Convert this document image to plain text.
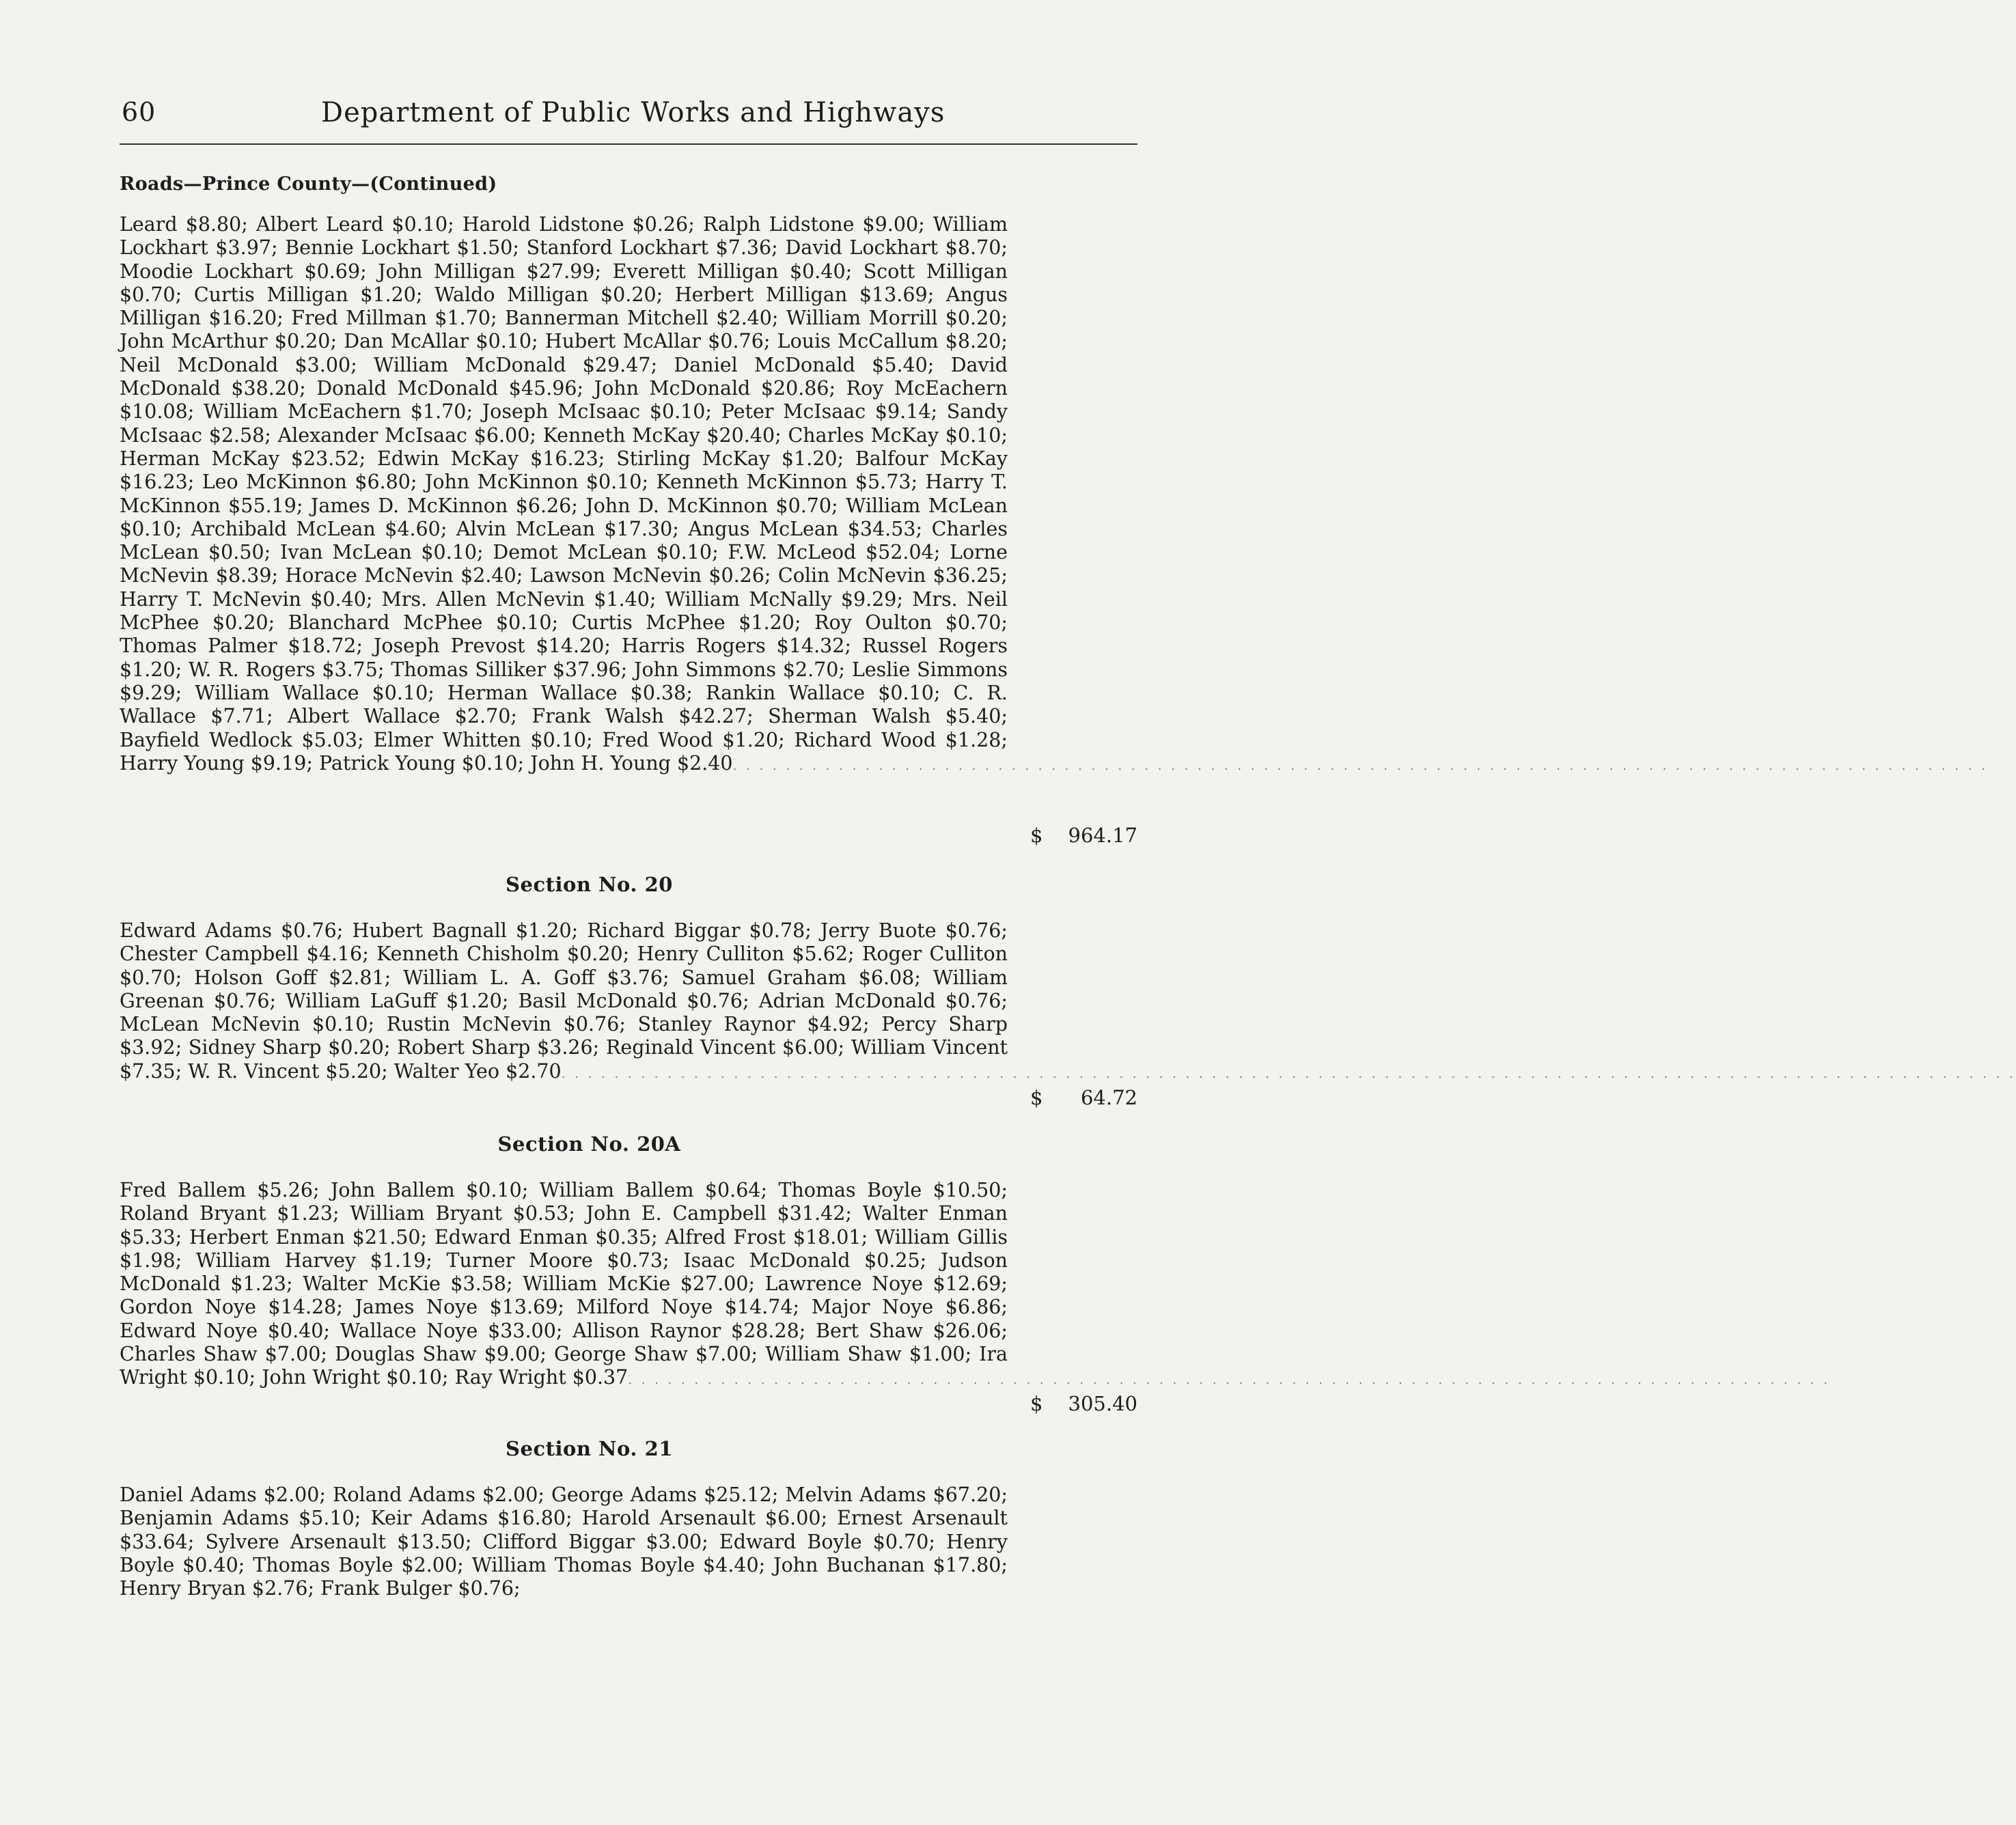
60	Department of Public Works and Highways
Roads—Prince County—(Continued)
Leard $8.80; Albert Leard $0.10; Harold Lidstone $0.26; Ralph Lidstone $9.00; William Lockhart $3.97; Bennie Lockhart $1.50; Stanford Lockhart $7.36; David Lockhart $8.70; Moodie Lockhart $0.69; John Milligan $27.99; Everett Milligan $0.40; Scott Milligan $0.70; Curtis Milligan $1.20; Waldo Milligan $0.20; Herbert Milligan $13.69; Angus Milligan $16.20; Fred Millman $1.70; Bannerman Mitchell $2.40; William Morrill $0.20; John McArthur $0.20; Dan McAllar $0.10; Hubert McAllar $0.76; Louis McCallum $8.20; Neil McDonald $3.00; William McDonald $29.47; Daniel McDonald $5.40; David McDonald $38.20; Donald McDonald $45.96; John McDonald $20.86; Roy McEachern $10.08; William McEachern $1.70; Joseph McIsaac $0.10; Peter McIsaac $9.14; Sandy McIsaac $2.58; Alexander McIsaac $6.00; Kenneth McKay $20.40; Charles McKay $0.10; Herman McKay $23.52; Edwin McKay $16.23; Stirling McKay $1.20; Balfour McKay $16.23; Leo McKinnon $6.80; John McKinnon $0.10; Kenneth McKinnon $5.73; Harry T. McKinnon $55.19; James D. McKinnon $6.26; John D. McKinnon $0.70; William McLean $0.10; Archibald McLean $4.60; Alvin McLean $17.30; Angus McLean $34.53; Charles McLean $0.50; Ivan McLean $0.10; Demot McLean $0.10; F.W. McLeod $52.04; Lorne McNevin $8.39; Horace McNevin $2.40; Lawson McNevin $0.26; Colin McNevin $36.25; Harry T. McNevin $0.40; Mrs. Allen McNevin $1.40; William McNally $9.29; Mrs. Neil McPhee $0.20; Blanchard McPhee $0.10; Curtis McPhee $1.20; Roy Oulton $0.70; Thomas Palmer $18.72; Joseph Prevost $14.20; Harris Rogers $14.32; Russel Rogers $1.20; W. R. Rogers $3.75; Thomas Silliker $37.96; John Simmons $2.70; Leslie Simmons $9.29; William Wallace $0.10; Herman Wallace $0.38; Rankin Wallace $0.10; C. R. Wallace $7.71; Albert Wallace $2.70; Frank Walsh $42.27; Sherman Walsh $5.40; Bayfield Wedlock $5.03; Elmer Whitten $0.10; Fred Wood $1.20; Richard Wood $1.28; Harry Young $9.19; Patrick Young $0.10; John H. Young $2.40. . . . . . . . . . . . . . . . . . . . . . . . . . . . . . . . . . . . . . . . . . . . . . . . . . . . . . . . . . . . . . . . . . . . . . . . . . . . . . . . . . . . . . . . . . . . . . .
$ 964.17
Section No. 20
Edward Adams $0.76; Hubert Bagnall $1.20; Richard Biggar $0.78; Jerry Buote $0.76; Chester Campbell $4.16; Kenneth Chisholm $0.20; Henry Culliton $5.62; Roger Culliton $0.70; Holson Goff $2.81; William L. A. Goff $3.76; Samuel Graham $6.08; William Greenan $0.76; William LaGuff $1.20; Basil McDonald $0.76; Adrian McDonald $0.76; McLean McNevin $0.10; Rustin McNevin $0.76; Stanley Raynor $4.92; Percy Sharp $3.92; Sidney Sharp $0.20; Robert Sharp $3.26; Reginald Vincent $6.00; William Vincent $7.35; W. R. Vincent $5.20; Walter Yeo $2.70. . . . . . . . . . . . . . . . . . . . . . . . . . . . . . . . . . . . . . . . . . . . . . . . . . . . . . . . . . . . . . . . . . . . . . . . . . . . . . . . . . . . . . . . . . . . . . . . . . . . . . . . . . . . . .
$ 64.72
Section No. 20A
Fred Ballem $5.26; John Ballem $0.10; William Ballem $0.64; Thomas Boyle $10.50; Roland Bryant $1.23; William Bryant $0.53; John E. Campbell $31.42; Walter Enman $5.33; Herbert Enman $21.50; Edward Enman $0.35; Alfred Frost $18.01; William Gillis $1.98; William Harvey $1.19; Turner Moore $0.73; Isaac McDonald $0.25; Judson McDonald $1.23; Walter McKie $3.58; William McKie $27.00; Lawrence Noye $12.69; Gordon Noye $14.28; James Noye $13.69; Milford Noye $14.74; Major Noye $6.86; Edward Noye $0.40; Wallace Noye $33.00; Allison Raynor $28.28; Bert Shaw $26.06; Charles Shaw $7.00; Douglas Shaw $9.00; George Shaw $7.00; William Shaw $1.00; Ira Wright $0.10; John Wright $0.10; Ray Wright $0.37. . . . . . . . . . . . . . . . . . . . . . . . . . . . . . . . . . . . . . . . . . . . . . . . . . . . . . . . . . . . . . . . . . . . . . . . . . . . . . . . . . . . . . . . . . .
$ 305.40
Section No. 21
Daniel Adams $2.00; Roland Adams $2.00; George Adams $25.12; Melvin Adams $67.20; Benjamin Adams $5.10; Keir Adams $16.80; Harold Arsenault $6.00; Ernest Arsenault $33.64; Sylvere Arsenault $13.50; Clifford Biggar $3.00; Edward Boyle $0.70; Henry Boyle $0.40; Thomas Boyle $2.00; William Thomas Boyle $4.40; John Buchanan $17.80; Henry Bryan $2.76; Frank Bulger $0.76;
